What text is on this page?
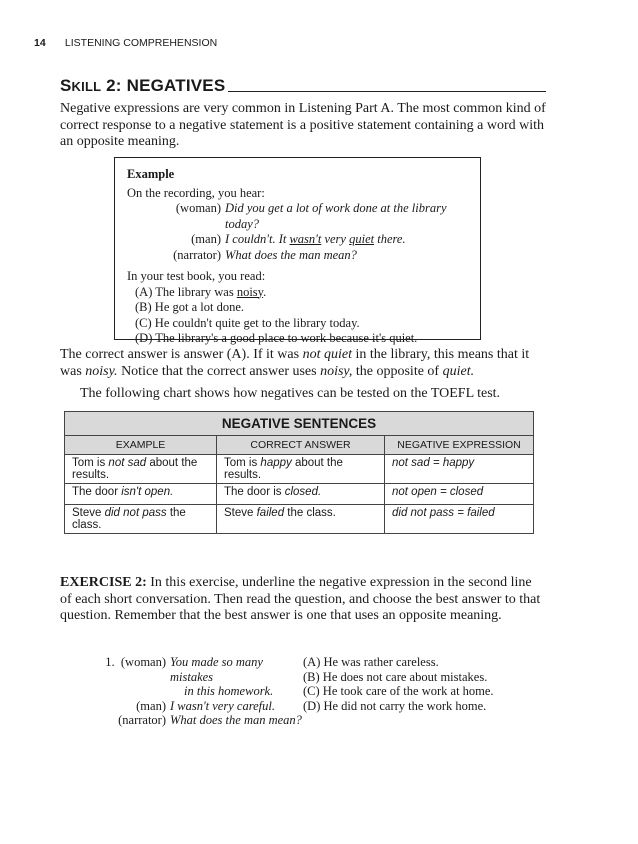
14 LISTENING COMPREHENSION
SKILL 2: NEGATIVES

Negative expressions are very common in Listening Part A. The most common kind of correct response to a negative statement is a positive statement containing a word with an opposite meaning.

Example
On the recording, you hear:
(woman) Did you get a lot of work done at the library today?
(man) I couldn't. It wasn't very quiet there.
(narrator) What does the man mean?
In your test book, you read:
(A) The library was noisy.
(B) He got a lot done.
(C) He couldn't quite get to the library today.
(D) The library's a good place to work because it's quiet.

The correct answer is answer (A). If it was not quiet in the library, this means that it was noisy. Notice that the correct answer uses noisy, the opposite of quiet.

The following chart shows how negatives can be tested on the TOEFL test.

NEGATIVE SENTENCES		
EXAMPLE	CORRECT ANSWER	NEGATIVE EXPRESSION
Tom is not sad about the results.	Tom is happy about the results.	not sad = happy
The door isn't open.	The door is closed.	not open = closed
Steve did not pass the class.	Steve failed the class.	did not pass = failed

EXERCISE 2: In this exercise, underline the negative expression in the second line of each short conversation. Then read the question, and choose the best answer to that question. Remember that the best answer is one that uses an opposite meaning.

1. (woman) You made so many mistakes
in this homework.
(man) I wasn't very careful.
(narrator) What does the man mean?
(A) He was rather careless.
(B) He does not care about mistakes.
(C) He took care of the work at home.
(D) He did not carry the work home.
